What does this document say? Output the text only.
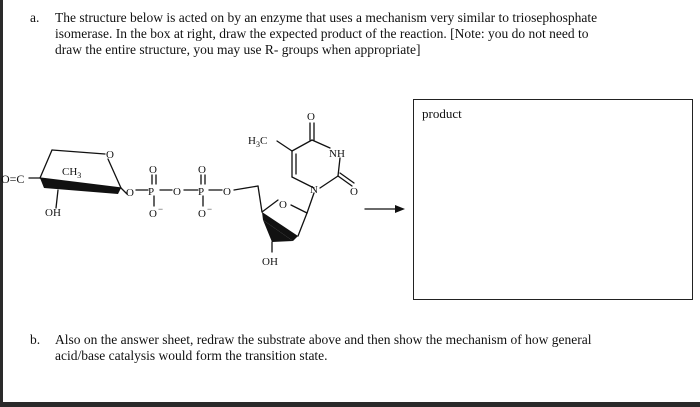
a. The structure below is acted on by an enzyme that uses a mechanism very similar to triosephosphate
isomerase. In the box at right, draw the expected product of the reaction. [Note: you do not need to
draw the entire structure, you may use R- groups when appropriate]
O=C	$CH_3$
O
OH
O P
O
O −
O P
O
O −
O
$H_3C$
O
NH
N	O
O
OH
product
b. Also on the answer sheet, redraw the substrate above and then show the mechanism of how general
acid/base catalysis would form the transition state.
